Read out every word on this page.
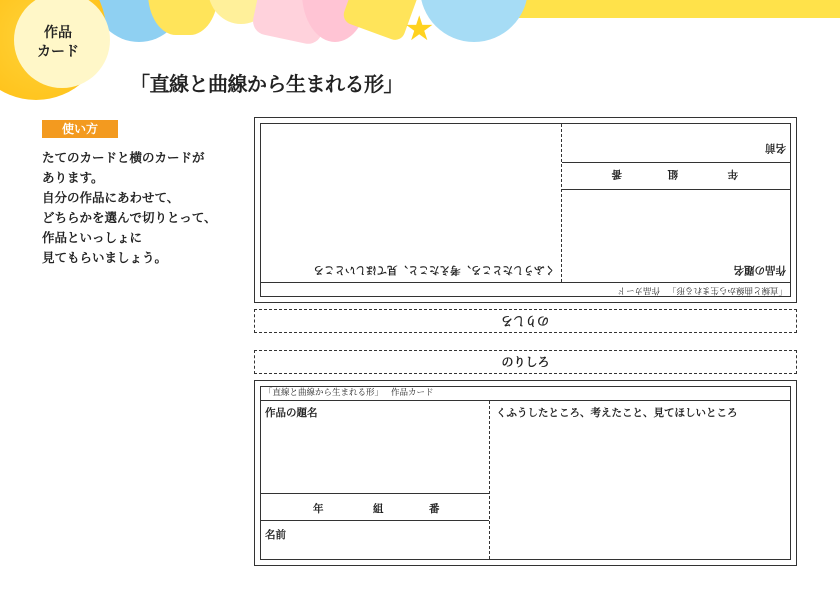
★
作品
カード
「直線と曲線から生まれる形」
使い方
たてのカードと横のカードが
あります。
自分の作品にあわせて、
どちらかを選んで切りとって、
作品といっしょに
見てもらいましょう。
「直線と曲線から生まれる形」作品カード
作品の題名
年
組
番
名前
くふうしたところ、考えたこと、見てほしいところ
のりしろ
のりしろ
「直線と曲線から生まれる形」 作品カード
作品の題名
年	組	番
名前
くふうしたところ、考えたこと、見てほしいところ
